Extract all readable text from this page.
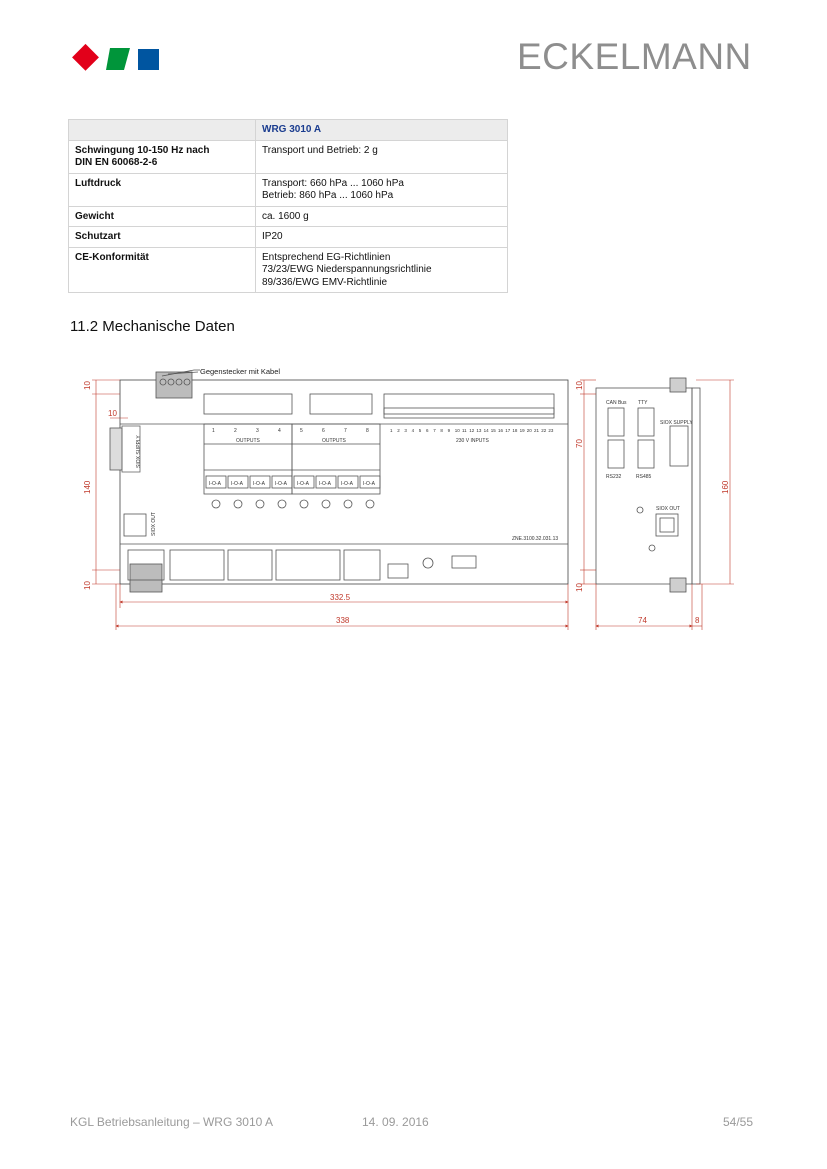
ECKELMANN
	WRG 3010 A

Schwingung 10-150 Hz nach
DIN EN 60068-2-6	Transport und Betrieb: 2 g

Luftdruck	Transport: 660 hPa ... 1060 hPa
Betrieb: 860 hPa ... 1060 hPa

Gewicht	ca. 1600 g

Schutzart	IP20

CE-Konformität	Entsprechend EG-Richtlinien
73/23/EWG Niederspannungsrichtlinie
89/336/EWG EMV-Richtlinie
11.2 Mechanische Daten
OUTPUTS	OUTPUTS	230 V INPUTS
SIOX SUPPLY
SIOX OUT
ZNE.3100.32.031.13
I-O-A I-O-A I-O-A I-O-A I-O-A I-O-A I-O-A I-O-A
1	2	3	4	5	6	7	8	1 2 3 4 5 6 7 8 9 10 11 12 13 14 15 16 17 18 19 20 21 22 23
Gegenstecker mit Kabel
CAN Bus TTY
RS232	RS485
SIOX SUPPLY
SIOX OUT
10
10
140
10
332.5
338
10
70
160
10
74	8
KGL Betriebsanleitung – WRG 3010 A	14. 09. 2016	54/55
